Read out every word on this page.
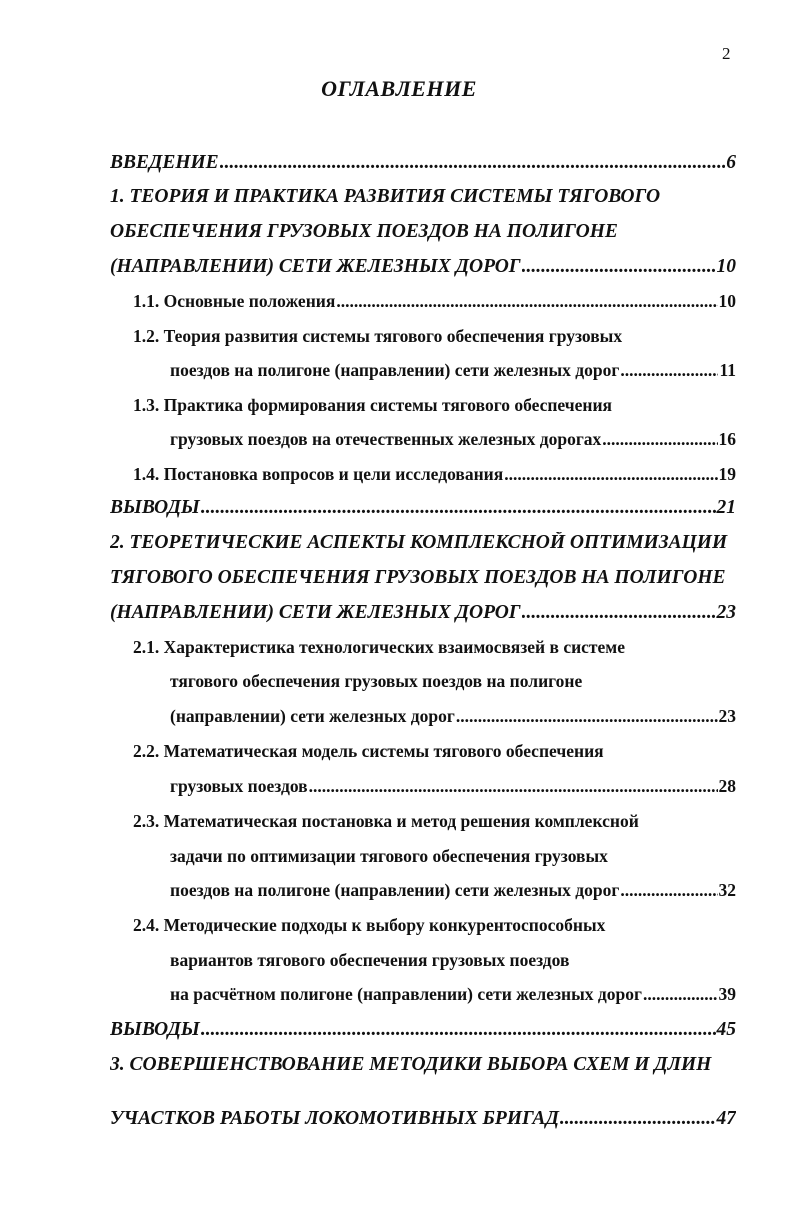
2
ОГЛАВЛЕНИЕ
ВВЕДЕНИЕ .....	6
1. ТЕОРИЯ И ПРАКТИКА РАЗВИТИЯ СИСТЕМЫ ТЯГОВОГО
ОБЕСПЕЧЕНИЯ ГРУЗОВЫХ ПОЕЗДОВ НА ПОЛИГОНЕ
(НАПРАВЛЕНИИ) СЕТИ ЖЕЛЕЗНЫХ ДОРОГ .....	10
1.1. Основные положения .....	10
1.2. Теория развития системы тягового обеспечения грузовых
поездов на полигоне (направлении) сети железных дорог .....	11
1.3. Практика формирования системы тягового обеспечения
грузовых поездов на отечественных железных дорогах .....	16
1.4. Постановка вопросов и цели исследования .....	19
ВЫВОДЫ .....	21
2. ТЕОРЕТИЧЕСКИЕ АСПЕКТЫ КОМПЛЕКСНОЙ ОПТИМИЗАЦИИ
ТЯГОВОГО ОБЕСПЕЧЕНИЯ ГРУЗОВЫХ ПОЕЗДОВ НА ПОЛИГОНЕ
(НАПРАВЛЕНИИ) СЕТИ ЖЕЛЕЗНЫХ ДОРОГ .....	23
2.1. Характеристика технологических взаимосвязей в системе
тягового обеспечения грузовых поездов на полигоне
(направлении) сети железных дорог .....	23
2.2. Математическая модель системы тягового обеспечения
грузовых поездов .....	28
2.3. Математическая постановка и метод решения комплексной
задачи по оптимизации тягового обеспечения грузовых
поездов на полигоне (направлении) сети железных дорог .....	32
2.4. Методические подходы к выбору конкурентоспособных
вариантов тягового обеспечения грузовых поездов
на расчётном полигоне (направлении) сети железных дорог .....	39
ВЫВОДЫ .....	45
3. СОВЕРШЕНСТВОВАНИЕ МЕТОДИКИ ВЫБОРА СХЕМ И ДЛИН
УЧАСТКОВ РАБОТЫ ЛОКОМОТИВНЫХ БРИГАД .....	47
